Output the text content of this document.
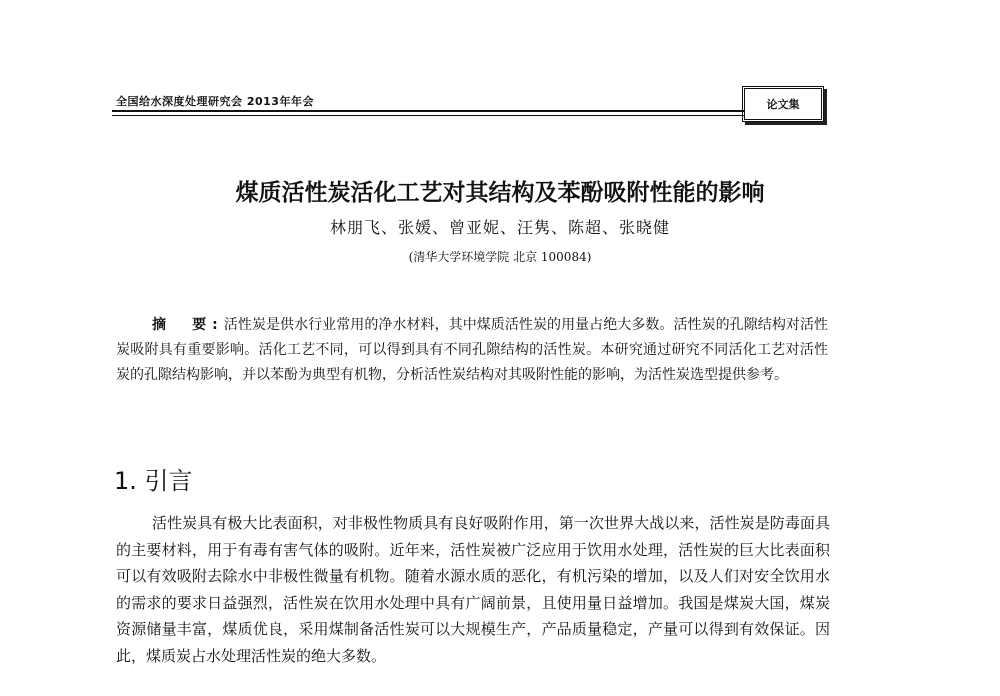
全国给水深度处理研究会 2013年年会	论文集
煤质活性炭活化工艺对其结构及苯酚吸附性能的影响

林朋飞、张媛、曾亚妮、汪隽、陈超、张晓健

(清华大学环境学院 北京 100084)

摘　要:活性炭是供水行业常用的净水材料，其中煤质活性炭的用量占绝大多数。活性炭的孔隙结构对活性炭吸附具有重要影响。活化工艺不同，可以得到具有不同孔隙结构的活性炭。本研究通过研究不同活化工艺对活性炭的孔隙结构影响，并以苯酚为典型有机物，分析活性炭结构对其吸附性能的影响，为活性炭选型提供参考。

1. 引言

活性炭具有极大比表面积，对非极性物质具有良好吸附作用，第一次世界大战以来，活性炭是防毒面具的主要材料，用于有毒有害气体的吸附。近年来，活性炭被广泛应用于饮用水处理，活性炭的巨大比表面积可以有效吸附去除水中非极性微量有机物。随着水源水质的恶化，有机污染的增加，以及人们对安全饮用水的需求的要求日益强烈，活性炭在饮用水处理中具有广阔前景，且使用量日益增加。我国是煤炭大国，煤炭资源储量丰富，煤质优良，采用煤制备活性炭可以大规模生产，产品质量稳定，产量可以得到有效保证。因此，煤质炭占水处理活性炭的绝大多数。
